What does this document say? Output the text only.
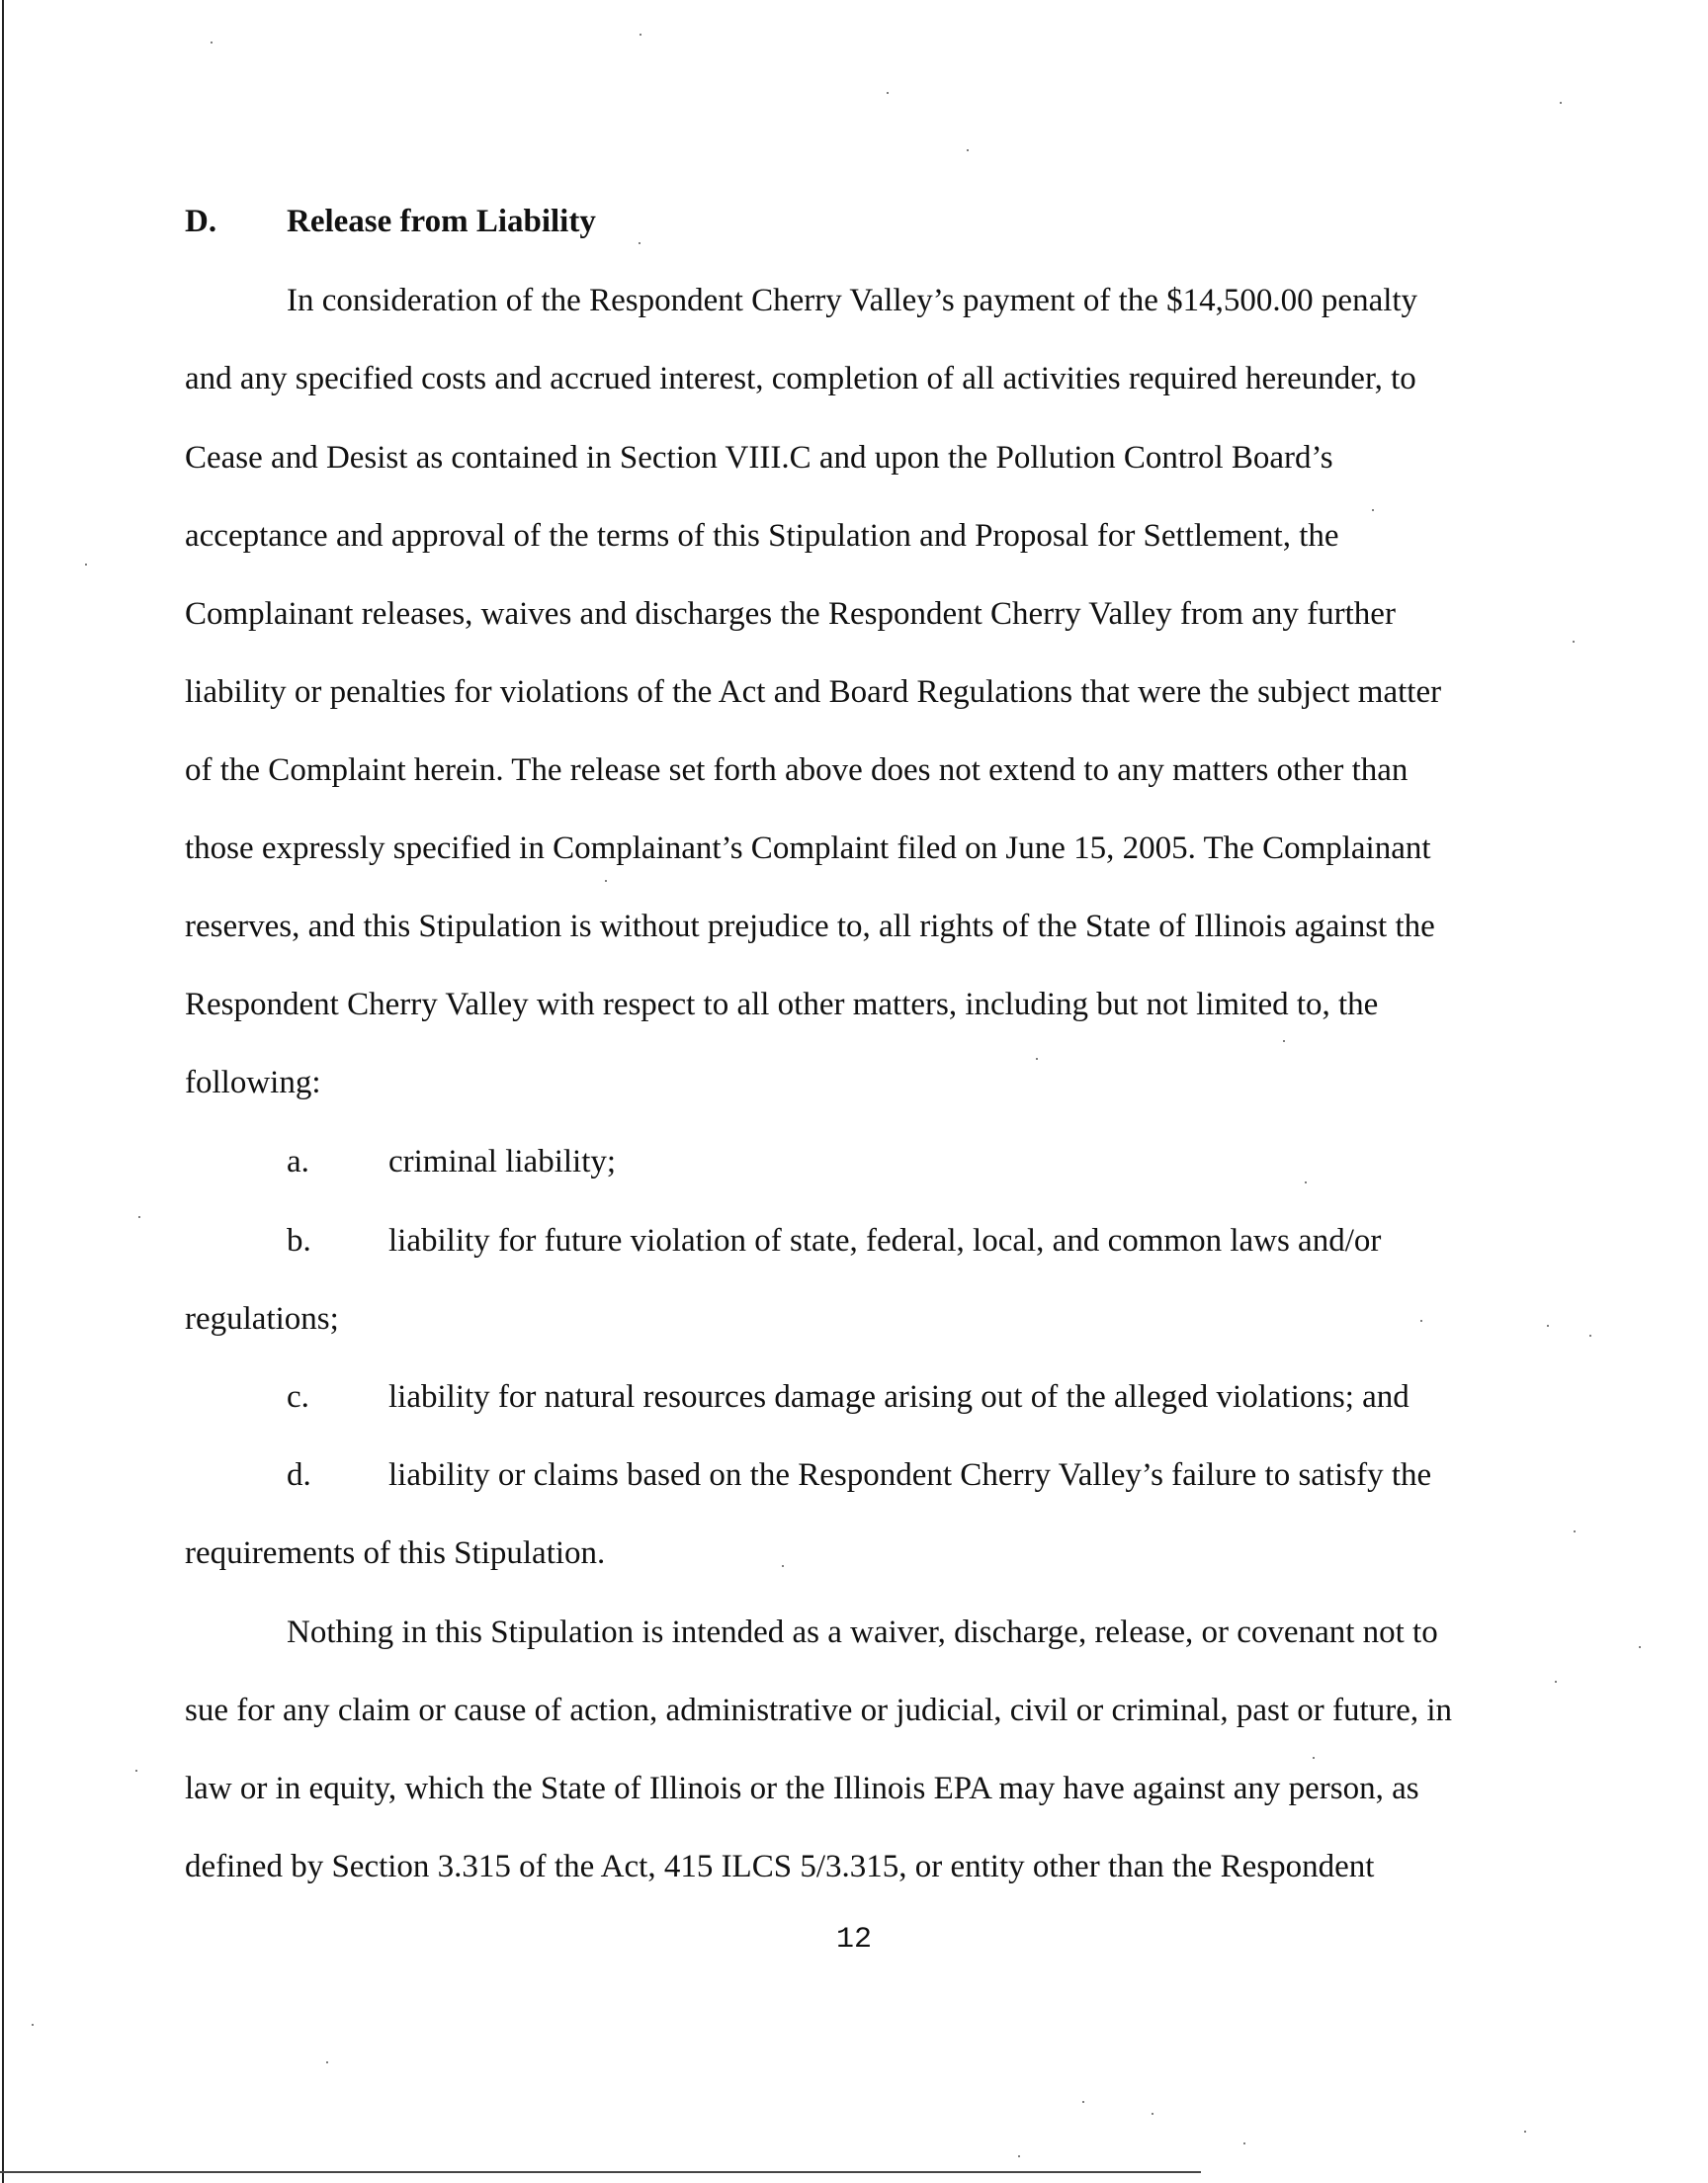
D. Release from Liability

In consideration of the Respondent Cherry Valley’s payment of the $14,500.00 penalty

and any specified costs and accrued interest, completion of all activities required hereunder, to

Cease and Desist as contained in Section VIII.C and upon the Pollution Control Board’s

acceptance and approval of the terms of this Stipulation and Proposal for Settlement, the

Complainant releases, waives and discharges the Respondent Cherry Valley from any further

liability or penalties for violations of the Act and Board Regulations that were the subject matter

of the Complaint herein. The release set forth above does not extend to any matters other than

those expressly specified in Complainant’s Complaint filed on June 15, 2005. The Complainant

reserves, and this Stipulation is without prejudice to, all rights of the State of Illinois against the

Respondent Cherry Valley with respect to all other matters, including but not limited to, the

following:

a. criminal liability;

b. liability for future violation of state, federal, local, and common laws and/or

regulations;

c. liability for natural resources damage arising out of the alleged violations; and

d. liability or claims based on the Respondent Cherry Valley’s failure to satisfy the

requirements of this Stipulation.

Nothing in this Stipulation is intended as a waiver, discharge, release, or covenant not to

sue for any claim or cause of action, administrative or judicial, civil or criminal, past or future, in

law or in equity, which the State of Illinois or the Illinois EPA may have against any person, as

defined by Section 3.315 of the Act, 415 ILCS 5/3.315, or entity other than the Respondent

12
